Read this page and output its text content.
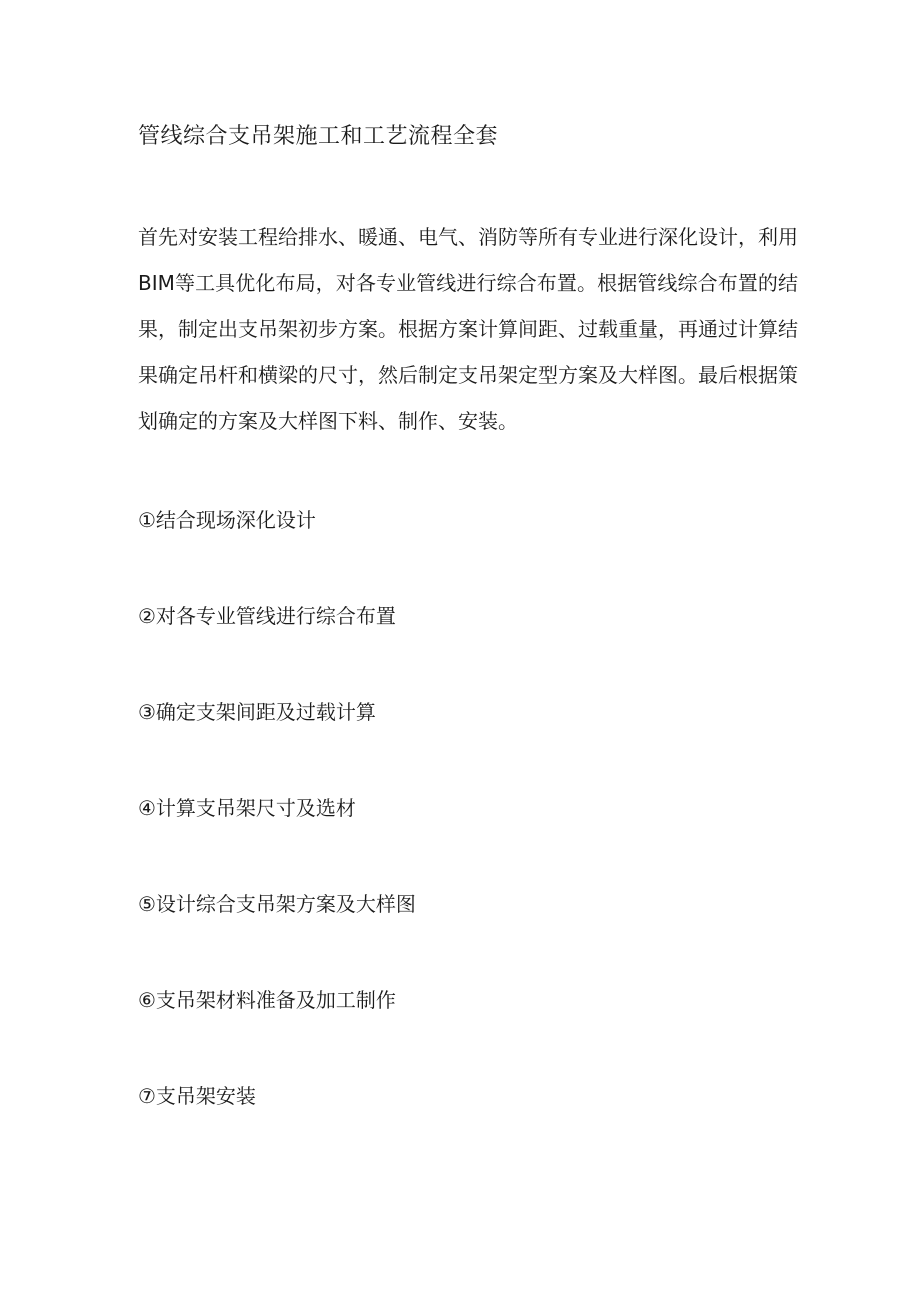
管线综合支吊架施工和工艺流程全套

首先对安装工程给排水、暖通、电气、消防等所有专业进行深化设计，利用BIM等工具优化布局，对各专业管线进行综合布置。根据管线综合布置的结果，制定出支吊架初步方案。根据方案计算间距、过载重量，再通过计算结果确定吊杆和横梁的尺寸，然后制定支吊架定型方案及大样图。最后根据策划确定的方案及大样图下料、制作、安装。

①结合现场深化设计
②对各专业管线进行综合布置
③确定支架间距及过载计算
④计算支吊架尺寸及选材
⑤设计综合支吊架方案及大样图
⑥支吊架材料准备及加工制作
⑦支吊架安装
